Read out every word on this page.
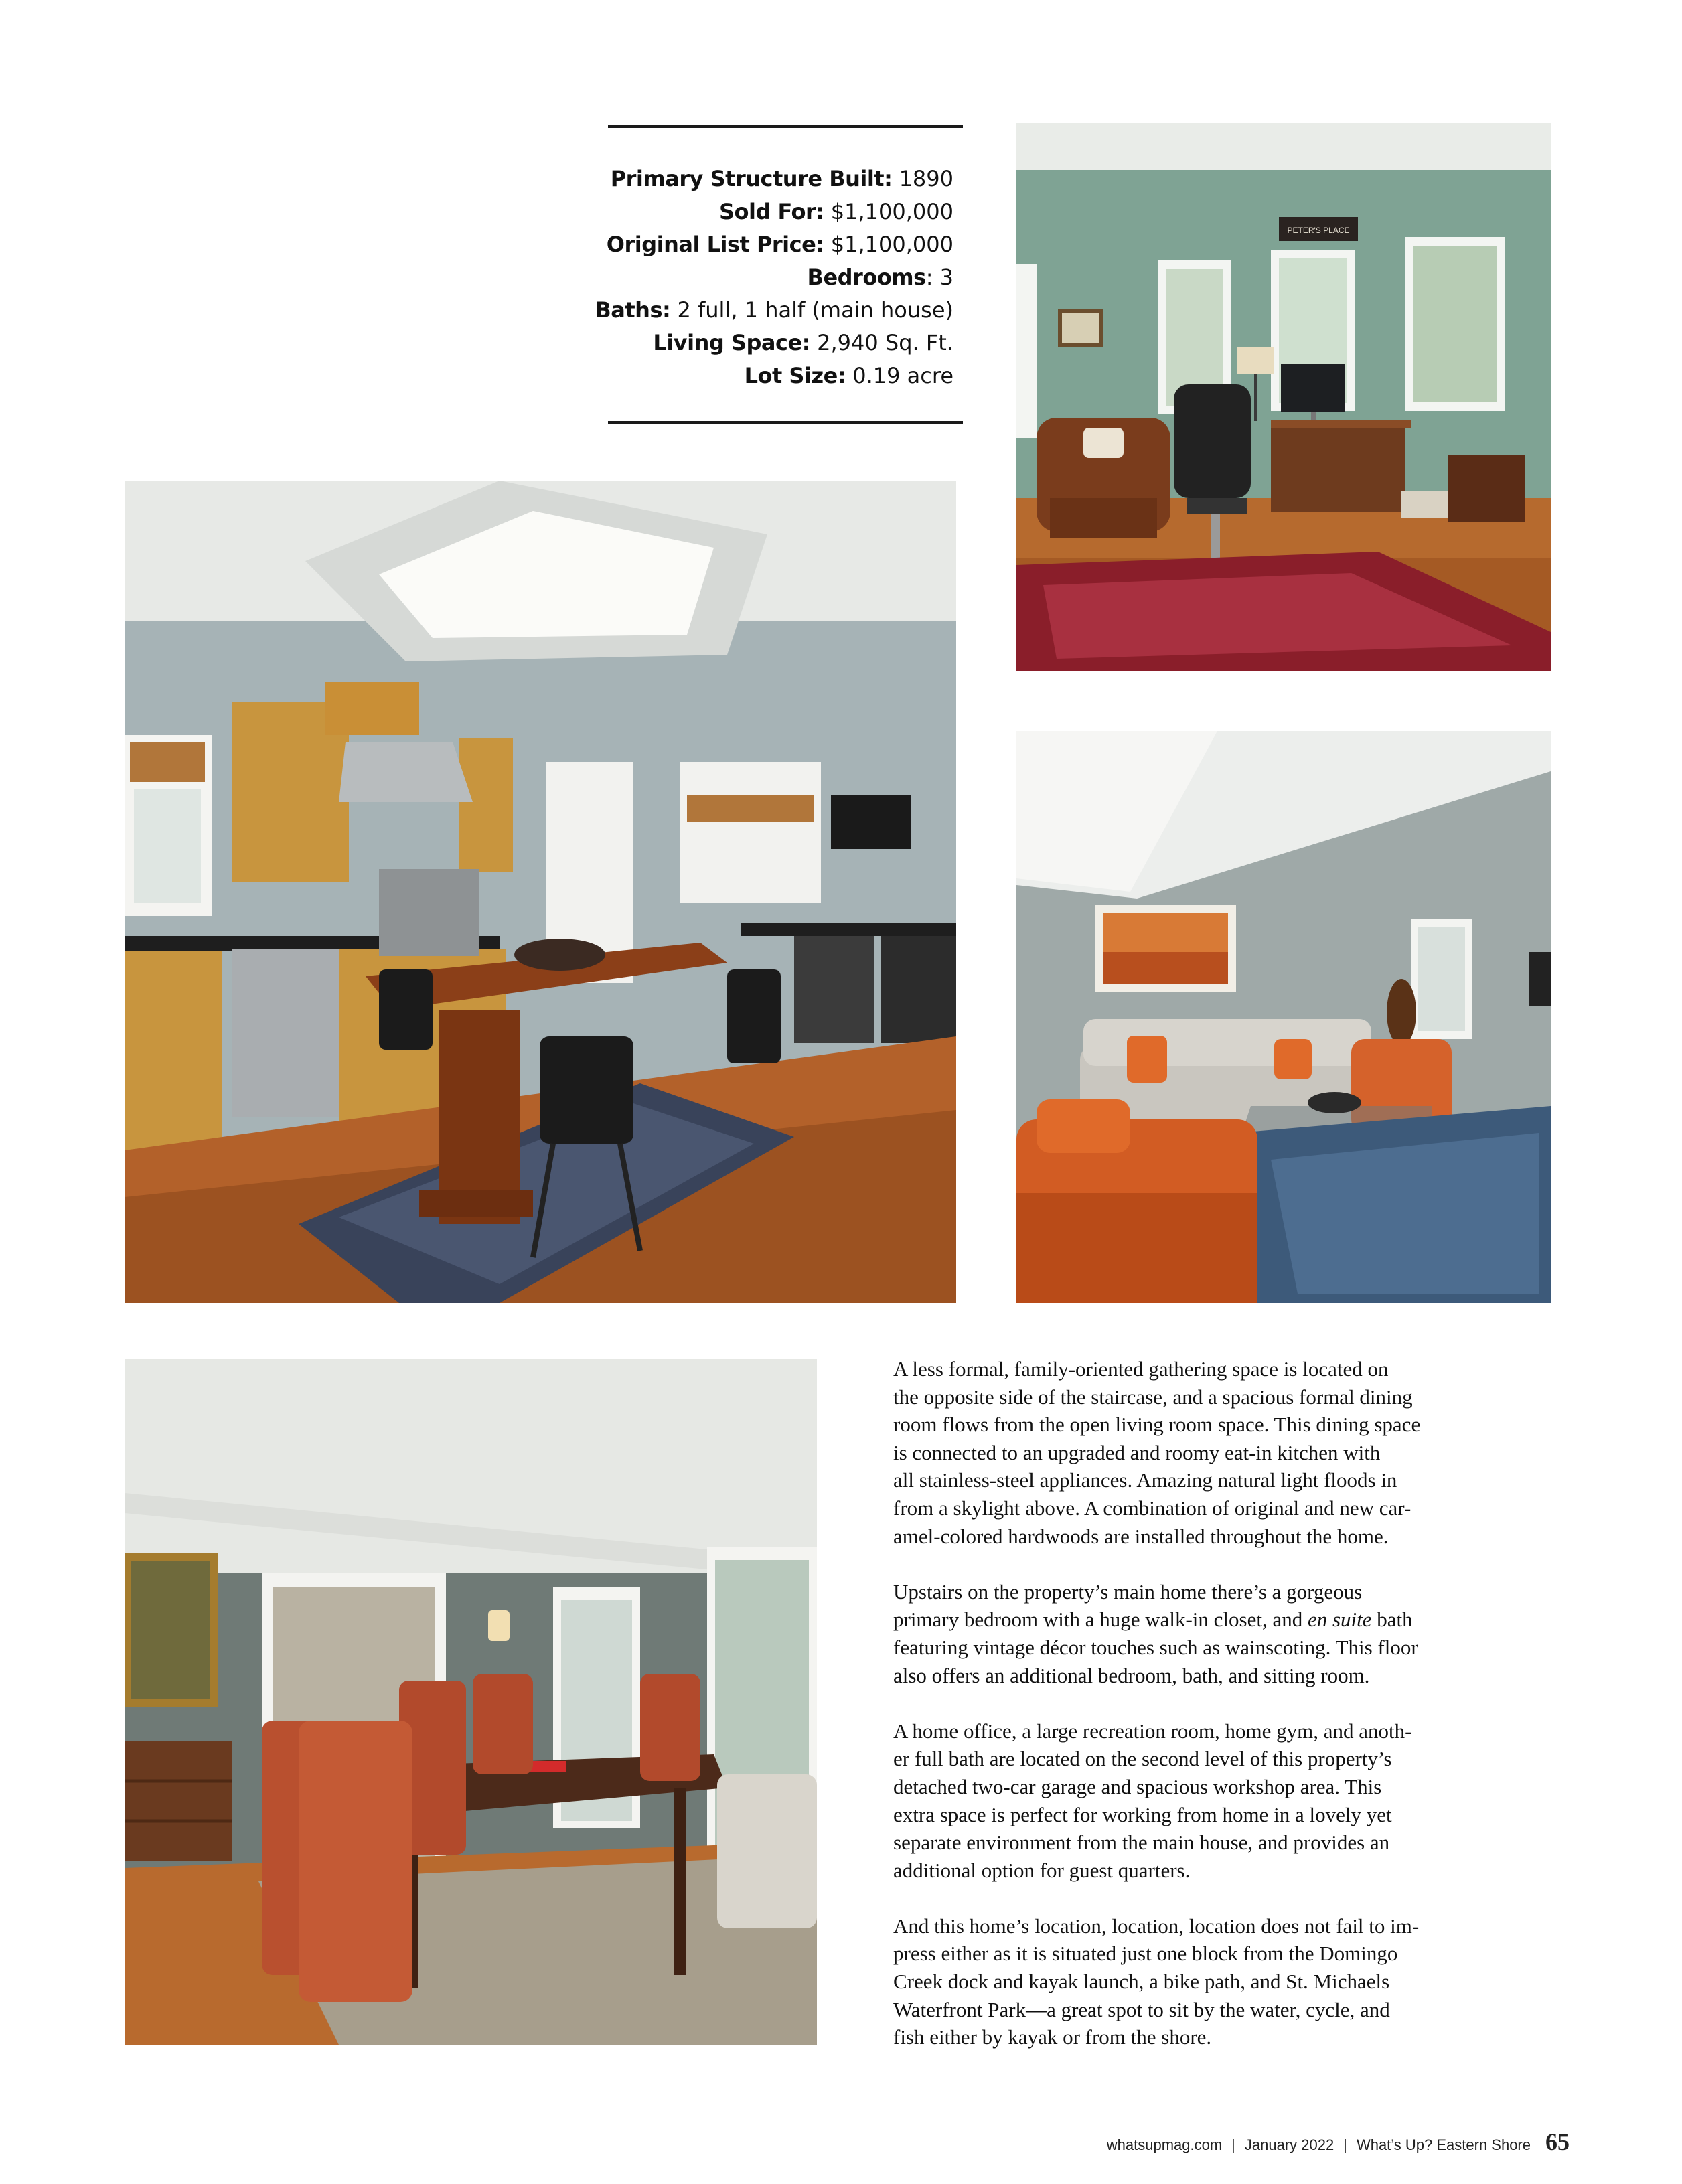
Primary Structure Built: 1890
Sold For: $1,100,000
Original List Price: $1,100,000
Bedrooms: 3
Baths: 2 full, 1 half (main house)
Living Space: 2,940 Sq. Ft.
Lot Size: 0.19 acre
PETER'S PLACE

A less formal, family-oriented gathering space is located on
the opposite side of the staircase, and a spacious formal dining
room flows from the open living room space. This dining space
is connected to an upgraded and roomy eat-in kitchen with
all stainless-steel appliances. Amazing natural light floods in
from a skylight above. A combination of original and new car-
amel-colored hardwoods are installed throughout the home.

Upstairs on the property’s main home there’s a gorgeous
primary bedroom with a huge walk-in closet, and en suite bath
featuring vintage décor touches such as wainscoting. This floor
also offers an additional bedroom, bath, and sitting room.

A home office, a large recreation room, home gym, and anoth-
er full bath are located on the second level of this property’s
detached two-car garage and spacious workshop area. This
extra space is perfect for working from home in a lovely yet
separate environment from the main house, and provides an
additional option for guest quarters.

And this home’s location, location, location does not fail to im-
press either as it is situated just one block from the Domingo
Creek dock and kayak launch, a bike path, and St. Michaels
Waterfront Park—a great spot to sit by the water, cycle, and
fish either by kayak or from the shore.

whatsupmag.com | January 2022 | What’s Up? Eastern Shore 65
